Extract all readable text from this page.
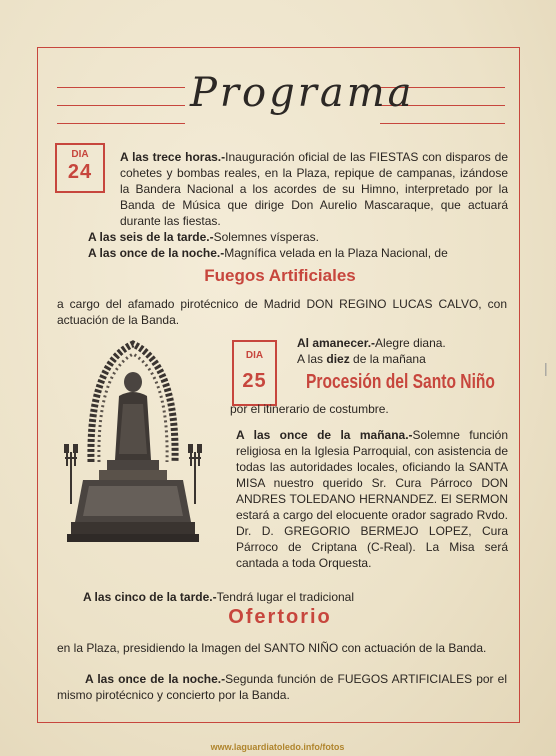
Programa
DIA
24
A las trece horas.-Inauguración oficial de las FIESTAS con disparos de cohetes y bombas reales, en la Plaza, repique de campanas, izándose la Bandera Nacional a los acordes de su Himno, interpretado por la Banda de Música que dirige Don Aurelio Mascaraque, que actuará durante las fiestas.
A las seis de la tarde.-Solemnes vísperas.
A las once de la noche.-Magnífica velada en la Plaza Nacional, de
Fuegos Artificiales
a cargo del afamado pirotécnico de Madrid DON REGINO LUCAS CALVO, con actuación de la Banda.
DIA
25
Al amanecer.-Alegre diana.
A las diez de la mañana
Procesión del Santo Niño
por el itinerario de costumbre.
A las once de la mañana.-Solemne función religiosa en la Iglesia Parroquial, con asistencia de todas las autoridades locales, oficiando la SANTA MISA nuestro querido Sr. Cura Párroco DON ANDRES TOLEDANO HERNANDEZ. El SERMON estará a cargo del elocuente orador sagrado Rvdo. Dr. D. GREGORIO BERMEJO LOPEZ, Cura Párroco de Criptana (C-Real). La Misa será cantada a toda Orquesta.
A las cinco de la tarde.-Tendrá lugar el tradicional
Ofertorio
en la Plaza, presidiendo la Imagen del SANTO NIÑO con actuación de la Banda.
A las once de la noche.-Segunda función de FUEGOS ARTIFICIALES por el mismo pirotécnico y concierto por la Banda.
|
www.laguardiatoledo.info/fotos
